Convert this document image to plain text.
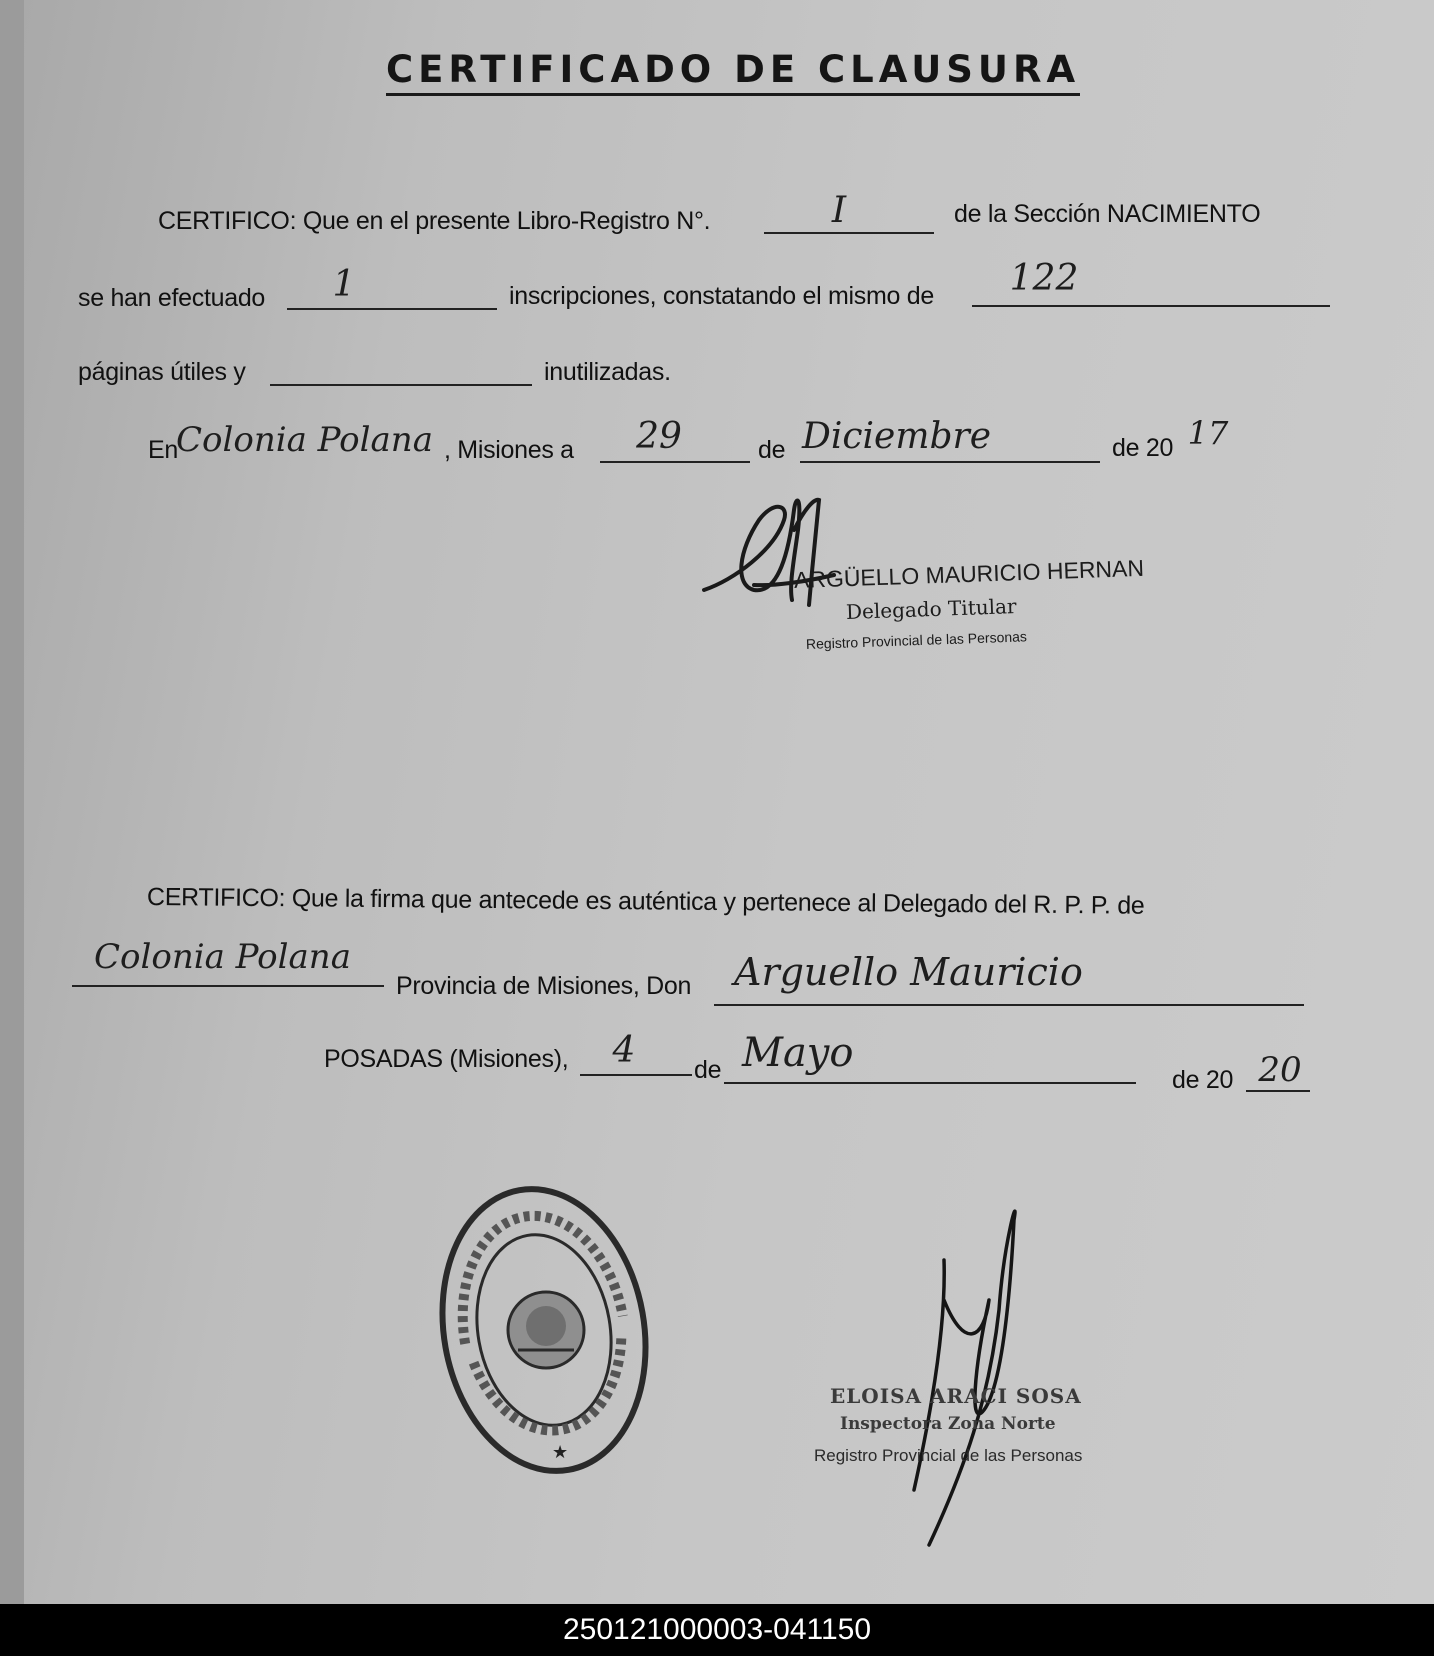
CERTIFICADO DE CLAUSURA
CERTIFICO: Que en el presente Libro-Registro N°.	I	de la Sección NACIMIENTO
se han efectuado	1	inscripciones, constatando el mismo de	122
páginas útiles y	inutilizadas.
En
Colonia Polana , Misiones a	29	de Diciembre	de 20 17
ARGÜELLO MAURICIO HERNAN
Delegado Titular
Registro Provincial de las Personas
CERTIFICO: Que la firma que antecede es auténtica y pertenece al Delegado del R. P. P. de
Colonia Polana
Provincia de Misiones, Don Arguello Mauricio
POSADAS (Misiones),	4	de Mayo
de 20 20
★
ELOISA ARACI SOSA
Inspectora Zona Norte
Registro Provincial de las Personas
250121000003-041150
